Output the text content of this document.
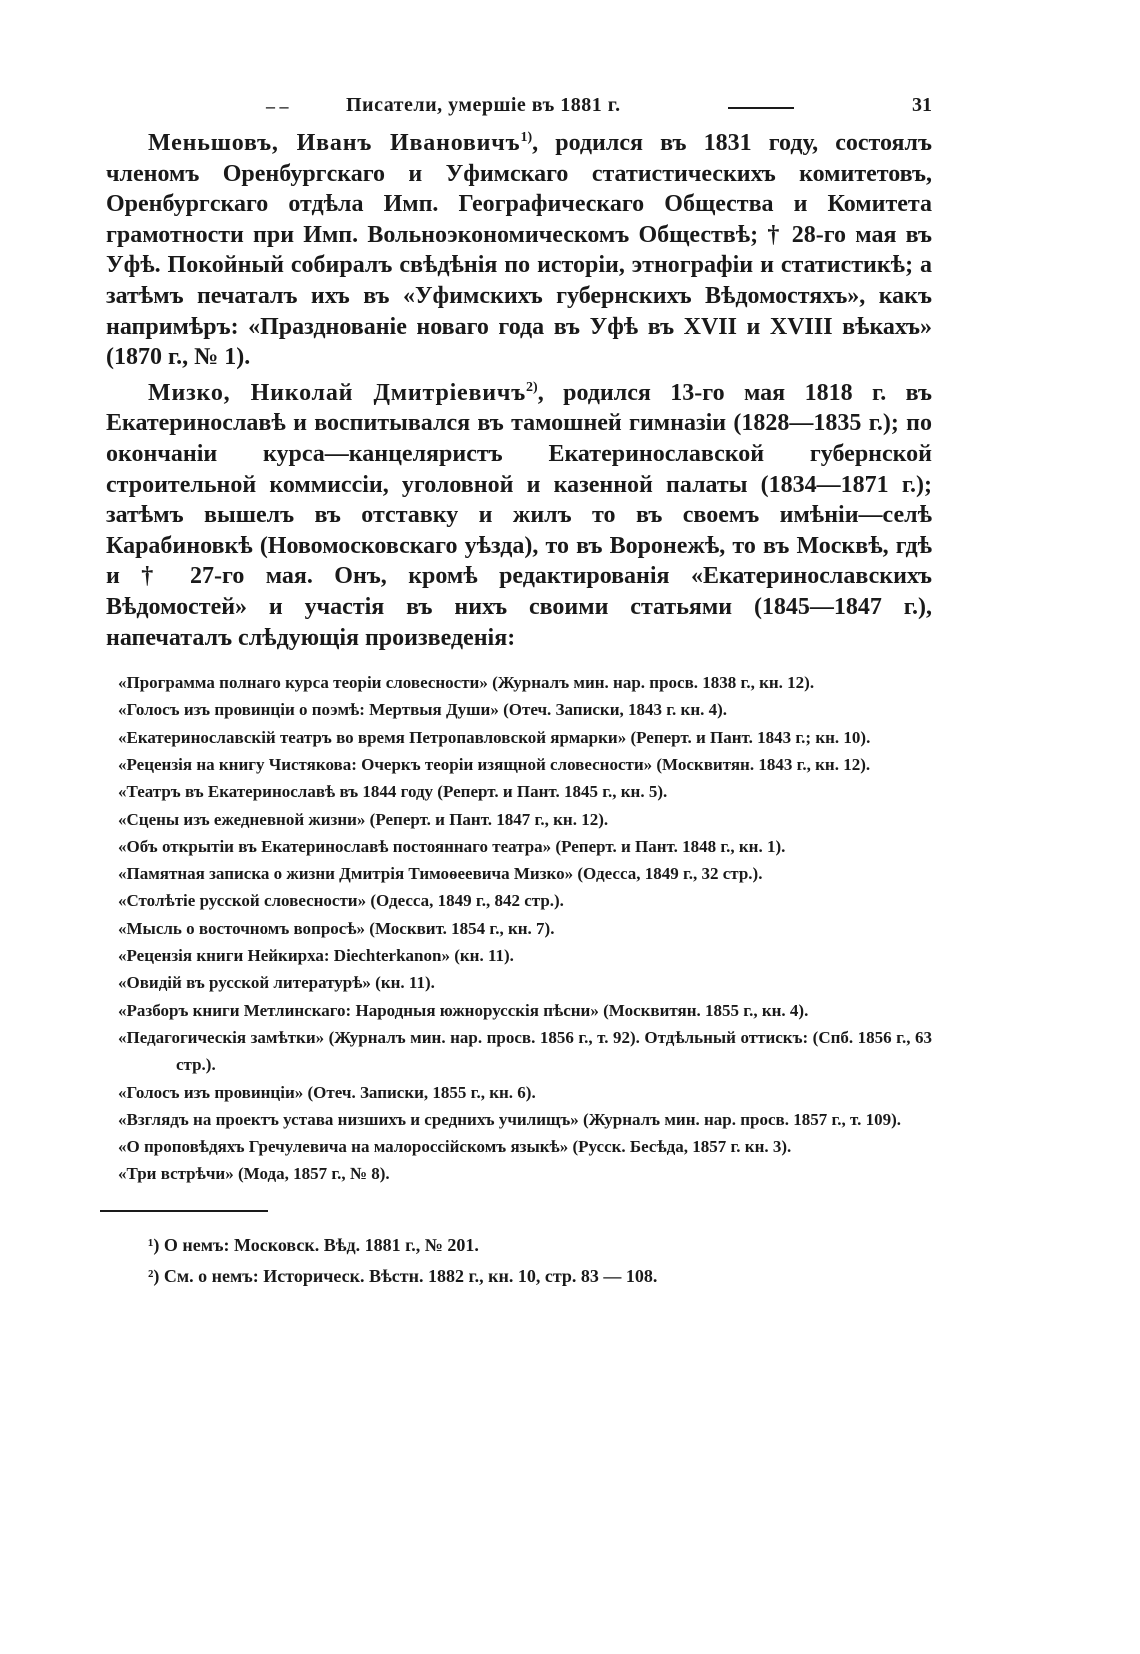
– –	Писатели, умершіе въ 1881 г.	31

Меньшовъ, Иванъ Ивановичъ$^{1)}$, родился въ 1831 году, состоялъ членомъ Оренбургскаго и Уфимскаго статистическихъ комитетовъ, Оренбургскаго отдѣла Имп. Географическаго Общества и Комитета грамотности при Имп. Вольноэкономическомъ Обществѣ; † 28-го мая въ Уфѣ. Покойный собиралъ свѣдѣнія по исторіи, этнографіи и статистикѣ; а затѣмъ печаталъ ихъ въ «Уфимскихъ губернскихъ Вѣдомостяхъ», какъ напримѣръ: «Празднованіе новаго года въ Уфѣ въ XVII и XVIII вѣкахъ» (1870 г., № 1).

Мизко, Николай Дмитріевичъ$^{2)}$, родился 13-го мая 1818 г. въ Екатеринославѣ и воспитывался въ тамошней гимназіи (1828—1835 г.); по окончаніи курса—канцеляристъ Екатеринославской губернской строительной коммиссіи, уголовной и казенной палаты (1834—1871 г.); затѣмъ вышелъ въ отставку и жилъ то въ своемъ имѣніи—селѣ Карабиновкѣ (Новомосковскаго уѣзда), то въ Воронежѣ, то въ Москвѣ, гдѣ и † 27-го мая. Онъ, кромѣ редактированія «Екатеринославскихъ Вѣдомостей» и участія въ нихъ своими статьями (1845—1847 г.), напечаталъ слѣдующія произведенія:

«Программа полнаго курса теоріи словесности» (Журналъ мин. нар. просв. 1838 г., кн. 12).
«Голосъ изъ провинціи о поэмѣ: Мертвыя Души» (Отеч. Записки, 1843 г. кн. 4).
«Екатеринославскій театръ во время Петропавловской ярмарки» (Реперт. и Пант. 1843 г.; кн. 10).
«Рецензія на книгу Чистякова: Очеркъ теоріи изящной словесности» (Москвитян. 1843 г., кн. 12).
«Театръ въ Екатеринославѣ въ 1844 году (Реперт. и Пант. 1845 г., кн. 5).
«Сцены изъ ежедневной жизни» (Реперт. и Пант. 1847 г., кн. 12).
«Объ открытіи въ Екатеринославѣ постояннаго театра» (Реперт. и Пант. 1848 г., кн. 1).
«Памятная записка о жизни Дмитрія Тимоѳеевича Мизко» (Одесса, 1849 г., 32 стр.).
«Столѣтіе русской словесности» (Одесса, 1849 г., 842 стр.).
«Мысль о восточномъ вопросѣ» (Москвит. 1854 г., кн. 7).
«Рецензія книги Нейкирха: Diechterkanon» (кн. 11).
«Овидій въ русской литературѣ» (кн. 11).
«Разборъ книги Метлинскаго: Народныя южнорусскія пѣсни» (Москвитян. 1855 г., кн. 4).
«Педагогическія замѣтки» (Журналъ мин. нар. просв. 1856 г., т. 92). Отдѣльный оттискъ: (Спб. 1856 г., 63 стр.).
«Голосъ изъ провинціи» (Отеч. Записки, 1855 г., кн. 6).
«Взглядъ на проектъ устава низшихъ и среднихъ училищъ» (Журналъ мин. нар. просв. 1857 г., т. 109).
«О проповѣдяхъ Гречулевича на малороссійскомъ языкѣ» (Русск. Бесѣда, 1857 г. кн. 3).
«Три встрѣчи» (Мода, 1857 г., № 8).
¹) О немъ: Московск. Вѣд. 1881 г., № 201.
²) См. о немъ: Историческ. Вѣстн. 1882 г., кн. 10, стр. 83 — 108.
